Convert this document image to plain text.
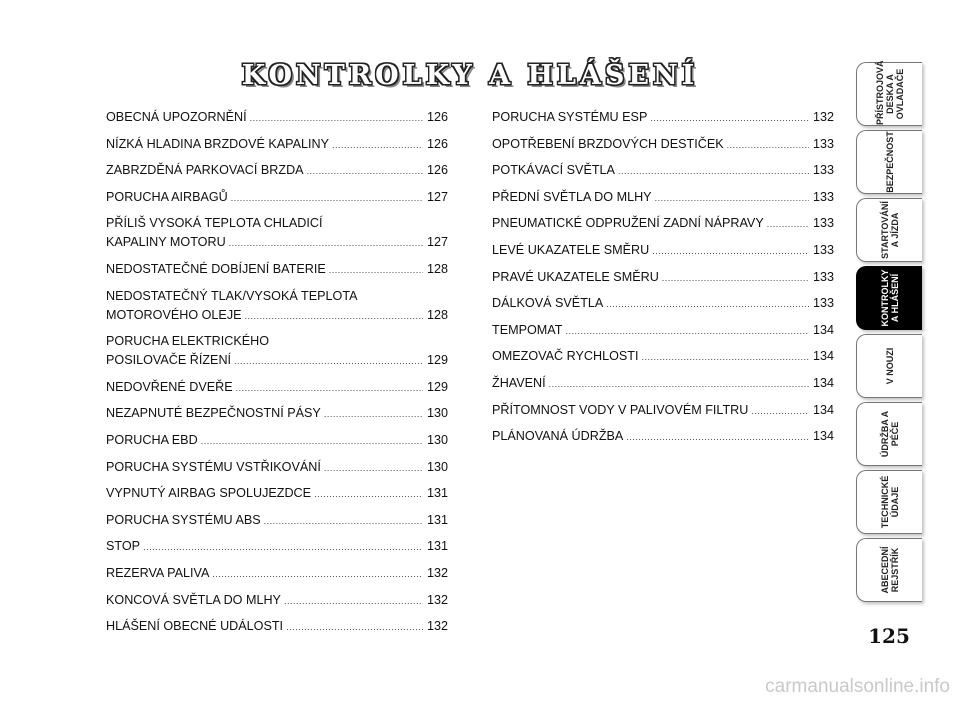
KONTROLKY A HLÁŠENÍ
OBECNÁ UPOZORNĚNÍ .....	126
NÍZKÁ HLADINA BRZDOVÉ KAPALINY .....	126
ZABRZDĚNÁ PARKOVACÍ BRZDA .....	126
PORUCHA AIRBAGŮ .....	127
PŘÍLIŠ VYSOKÁ TEPLOTA CHLADICÍ
KAPALINY MOTORU .....	127
NEDOSTATEČNÉ DOBÍJENÍ BATERIE .....	128
NEDOSTATEČNÝ TLAK/VYSOKÁ TEPLOTA
MOTOROVÉHO OLEJE .....	128
PORUCHA ELEKTRICKÉHO
POSILOVAČE ŘÍZENÍ .....	129
NEDOVŘENÉ DVEŘE .....	129
NEZAPNUTÉ BEZPEČNOSTNÍ PÁSY .....	130
PORUCHA EBD .....	130
PORUCHA SYSTÉMU VSTŘIKOVÁNÍ .....	130
VYPNUTÝ AIRBAG SPOLUJEZDCE .....	131
PORUCHA SYSTÉMU ABS .....	131
STOP .....	131
REZERVA PALIVA .....	132
KONCOVÁ SVĚTLA DO MLHY .....	132
HLÁŠENÍ OBECNÉ UDÁLOSTI .....	132
PORUCHA SYSTÉMU ESP .....	132
OPOTŘEBENÍ BRZDOVÝCH DESTIČEK .....	133
POTKÁVACÍ SVĚTLA .....	133
PŘEDNÍ SVĚTLA DO MLHY .....	133
PNEUMATICKÉ ODPRUŽENÍ ZADNÍ NÁPRAVY .....	133
LEVÉ UKAZATELE SMĚRU .....	133
PRAVÉ UKAZATELE SMĚRU .....	133
DÁLKOVÁ SVĚTLA .....	133
TEMPOMAT .....	134
OMEZOVAČ RYCHLOSTI .....	134
ŽHAVENÍ .....	134
PŘÍTOMNOST VODY V PALIVOVÉM FILTRU .....	134
PLÁNOVANÁ ÚDRŽBA .....	134
PŘÍSTROJOVÁ DESKA A OVLADAČE
BEZPEČNOST
STARTOVÁNÍ A JÍZDA
KONTROLKY A HLÁŠENÍ
V NOUZI
ÚDRŽBA A PÉČE
TECHNICKÉ ÚDAJE
ABECEDNÍ REJSTŘÍK
125
carmanualsonline.info
